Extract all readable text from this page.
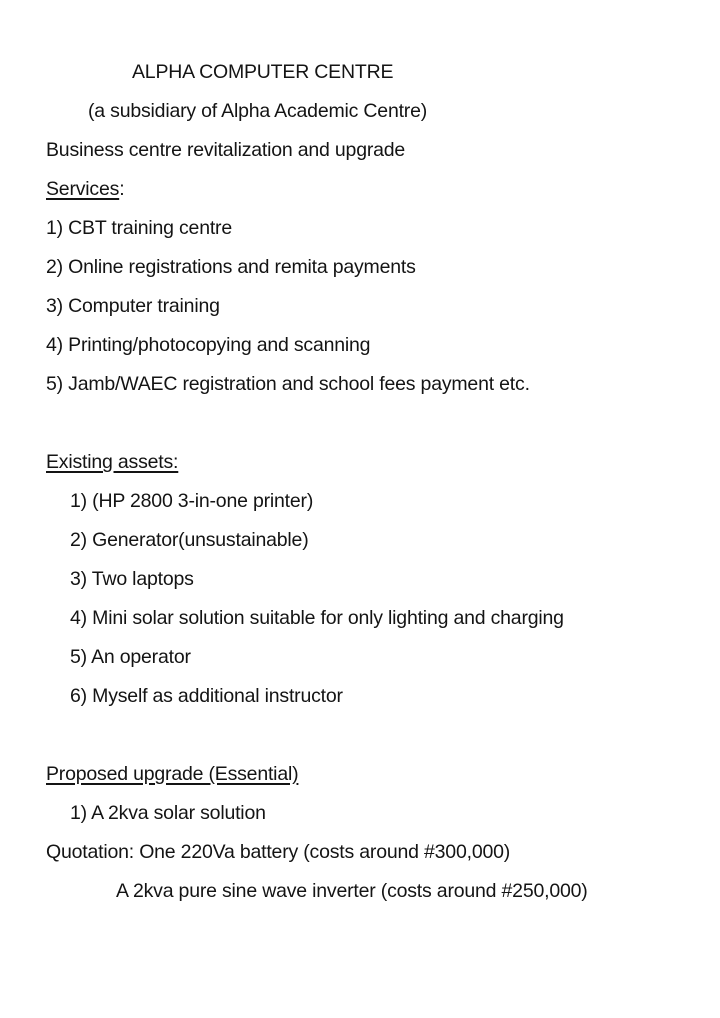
ALPHA COMPUTER CENTRE
(a subsidiary of Alpha Academic Centre)
Business centre revitalization and upgrade
Services:
1) CBT training centre
2) Online registrations and remita payments
3) Computer training
4) Printing/photocopying and scanning
5) Jamb/WAEC registration and school fees payment etc.
Existing assets:
1) (HP 2800 3-in-one printer)
2) Generator(unsustainable)
3) Two laptops
4) Mini solar solution suitable for only lighting and charging
5) An operator
6) Myself as additional instructor
Proposed upgrade (Essential)
1) A 2kva solar solution
Quotation: One 220Va battery (costs around #300,000)
A 2kva pure sine wave inverter (costs around #250,000)
